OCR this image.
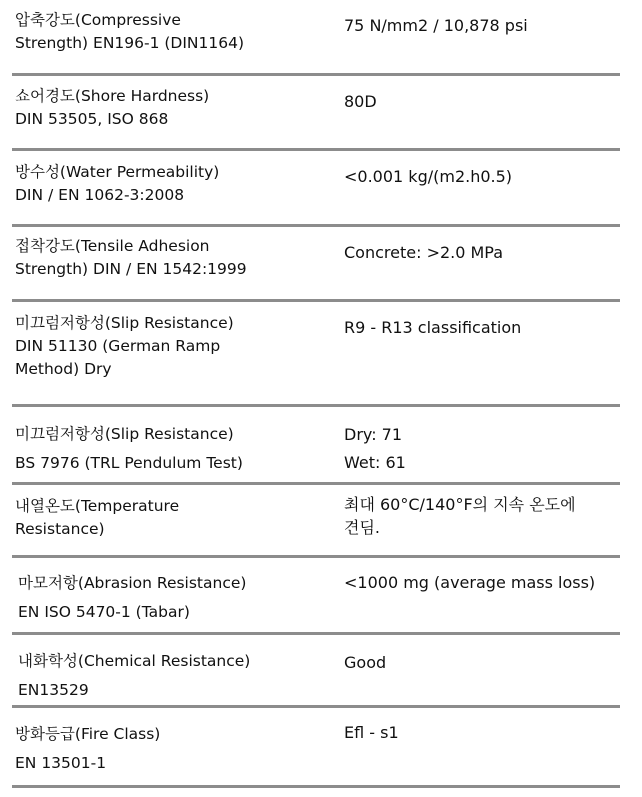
압축강도(Compressive
Strength) EN196-1 (DIN1164)
75 N/mm2 / 10,878 psi
쇼어경도(Shore Hardness)
DIN 53505, ISO 868
80D
방수성(Water Permeability)
DIN / EN 1062-3:2008
<0.001 kg/(m2.h0.5)
접착강도(Tensile Adhesion
Strength) DIN / EN 1542:1999
Concrete: >2.0 MPa
미끄럼저항성(Slip Resistance)
DIN 51130 (German Ramp
Method) Dry
R9 - R13 classification
미끄럼저항성(Slip Resistance)
BS 7976 (TRL Pendulum Test)
Dry: 71
Wet: 61
내열온도(Temperature
Resistance)
최대 60°C/140°F의 지속 온도에
견딤.
마모저항(Abrasion Resistance)
EN ISO 5470-1 (Tabar)
<1000 mg (average mass loss)
내화학성(Chemical Resistance)
EN13529
Good
방화등급(Fire Class)
EN 13501-1
Efl - s1
